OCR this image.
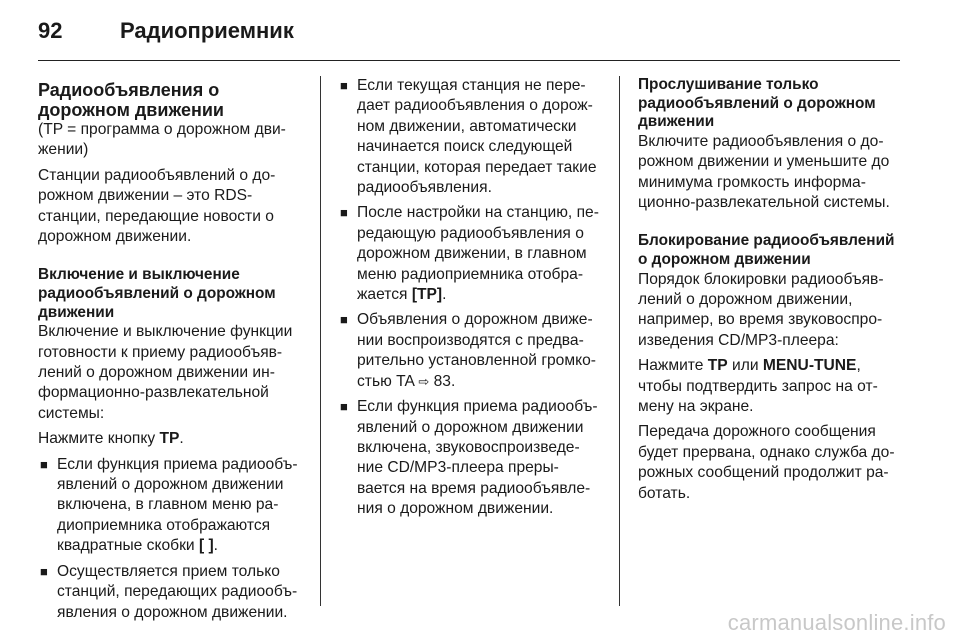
92	Радиоприемник
Радиообъявления о
дорожном движении

(TP = программа о дорожном дви-жении)

Станции радиообъявлений о до-рожном движении – это RDS-станции, передающие новости о дорожном движении.

Включение и выключение радиообъявлений о дорожном движении

Включение и выключение функции готовности к приему радиообъяв-лений о дорожном движении ин-формационно-развлекательной системы:

Нажмите кнопку TP.

■ Если функция приема радиообъ-явлений о дорожном движении включена, в главном меню ра-диоприемника отображаются квадратные скобки [ ].
■ Осуществляется прием только станций, передающих радиообъ-явления о дорожном движении.
■ Если текущая станция не пере-дает радиообъявления о дорож-ном движении, автоматически начинается поиск следующей станции, которая передает такие радиообъявления.
■ После настройки на станцию, пе-редающую радиообъявления о дорожном движении, в главном меню радиоприемника отобра-жается [TP].
■ Объявления о дорожном движе-нии воспроизводятся с предва-рительно установленной громко-стью TA ⇨ 83.
■ Если функция приема радиообъ-явлений о дорожном движении включена, звуковоспроизведе-ние CD/MP3-плеера преры-вается на время радиообъявле-ния о дорожном движении.
Прослушивание только радиообъявлений о дорожном движении

Включите радиообъявления о до-рожном движении и уменьшите до минимума громкость информа-ционно-развлекательной системы.

Блокирование радиообъявлений о дорожном движении

Порядок блокировки радиообъяв-лений о дорожном движении, например, во время звуковоспро-изведения CD/MP3-плеера:

Нажмите TP или MENU-TUNE,
чтобы подтвердить запрос на от-мену на экране.

Передача дорожного сообщения будет прервана, однако служба до-рожных сообщений продолжит ра-ботать.

carmanualsonline.info
